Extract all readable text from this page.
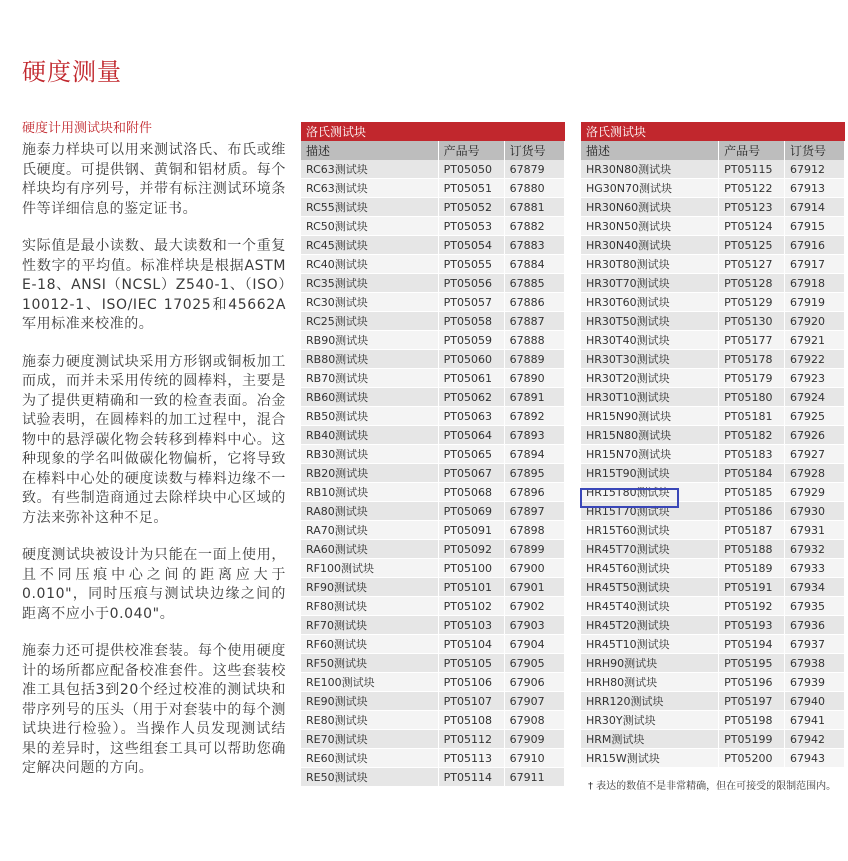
硬度测量
硬度计用测试块和附件

施泰力样块可以用来测试洛氏、布氏或维氏硬度。可提供钢、黄铜和铝材质。每个样块均有序列号，并带有标注测试环境条件等详细信息的鉴定证书。

实际值是最小读数、最大读数和一个重复性数字的平均值。标准样块是根据ASTM E-18、ANSI（NCSL）Z540-1、（ISO）10012-1、ISO/IEC 17025和45662A军用标准来校准的。

施泰力硬度测试块采用方形钢或铜板加工而成，而并未采用传统的圆棒料，主要是为了提供更精确和一致的检查表面。冶金试验表明，在圆棒料的加工过程中，混合物中的悬浮碳化物会转移到棒料中心。这种现象的学名叫做碳化物偏析，它将导致在棒料中心处的硬度读数与棒料边缘不一致。有些制造商通过去除样块中心区域的方法来弥补这种不足。

硬度测试块被设计为只能在一面上使用，且不同压痕中心之间的距离应大于0.010"，同时压痕与测试块边缘之间的距离不应小于0.040"。

施泰力还可提供校准套装。每个使用硬度计的场所都应配备校准套件。这些套装校准工具包括3到20个经过校准的测试块和带序列号的压头（用于对套装中的每个测试块进行检验）。当操作人员发现测试结果的差异时，这些组套工具可以帮助您确定解决问题的方向。

洛氏测试块		
描述	产品号	订货号
RC63测试块	PT05050	67879
RC63测试块	PT05051	67880
RC55测试块	PT05052	67881
RC50测试块	PT05053	67882
RC45测试块	PT05054	67883
RC40测试块	PT05055	67884
RC35测试块	PT05056	67885
RC30测试块	PT05057	67886
RC25测试块	PT05058	67887
RB90测试块	PT05059	67888
RB80测试块	PT05060	67889
RB70测试块	PT05061	67890
RB60测试块	PT05062	67891
RB50测试块	PT05063	67892
RB40测试块	PT05064	67893
RB30测试块	PT05065	67894
RB20测试块	PT05067	67895
RB10测试块	PT05068	67896
RA80测试块	PT05069	67897
RA70测试块	PT05091	67898
RA60测试块	PT05092	67899
RF100测试块	PT05100	67900
RF90测试块	PT05101	67901
RF80测试块	PT05102	67902
RF70测试块	PT05103	67903
RF60测试块	PT05104	67904
RF50测试块	PT05105	67905
RE100测试块	PT05106	67906
RE90测试块	PT05107	67907
RE80测试块	PT05108	67908
RE70测试块	PT05112	67909
RE60测试块	PT05113	67910
RE50测试块	PT05114	67911
洛氏测试块		
描述	产品号	订货号
HR30N80测试块	PT05115	67912
HG30N70测试块	PT05122	67913
HR30N60测试块	PT05123	67914
HR30N50测试块	PT05124	67915
HR30N40测试块	PT05125	67916
HR30T80测试块	PT05127	67917
HR30T70测试块	PT05128	67918
HR30T60测试块	PT05129	67919
HR30T50测试块	PT05130	67920
HR30T40测试块	PT05177	67921
HR30T30测试块	PT05178	67922
HR30T20测试块	PT05179	67923
HR30T10测试块	PT05180	67924
HR15N90测试块	PT05181	67925
HR15N80测试块	PT05182	67926
HR15N70测试块	PT05183	67927
HR15T90测试块	PT05184	67928
HR15T80测试块	PT05185	67929
HR15T70测试块	PT05186	67930
HR15T60测试块	PT05187	67931
HR45T70测试块	PT05188	67932
HR45T60测试块	PT05189	67933
HR45T50测试块	PT05191	67934
HR45T40测试块	PT05192	67935
HR45T20测试块	PT05193	67936
HR45T10测试块	PT05194	67937
HRH90测试块	PT05195	67938
HRH80测试块	PT05196	67939
HRR120测试块	PT05197	67940
HR30Y测试块	PT05198	67941
HRM测试块	PT05199	67942
HR15W测试块	PT05200	67943
† 表达的数值不是非常精确，但在可接受的限制范围内。
